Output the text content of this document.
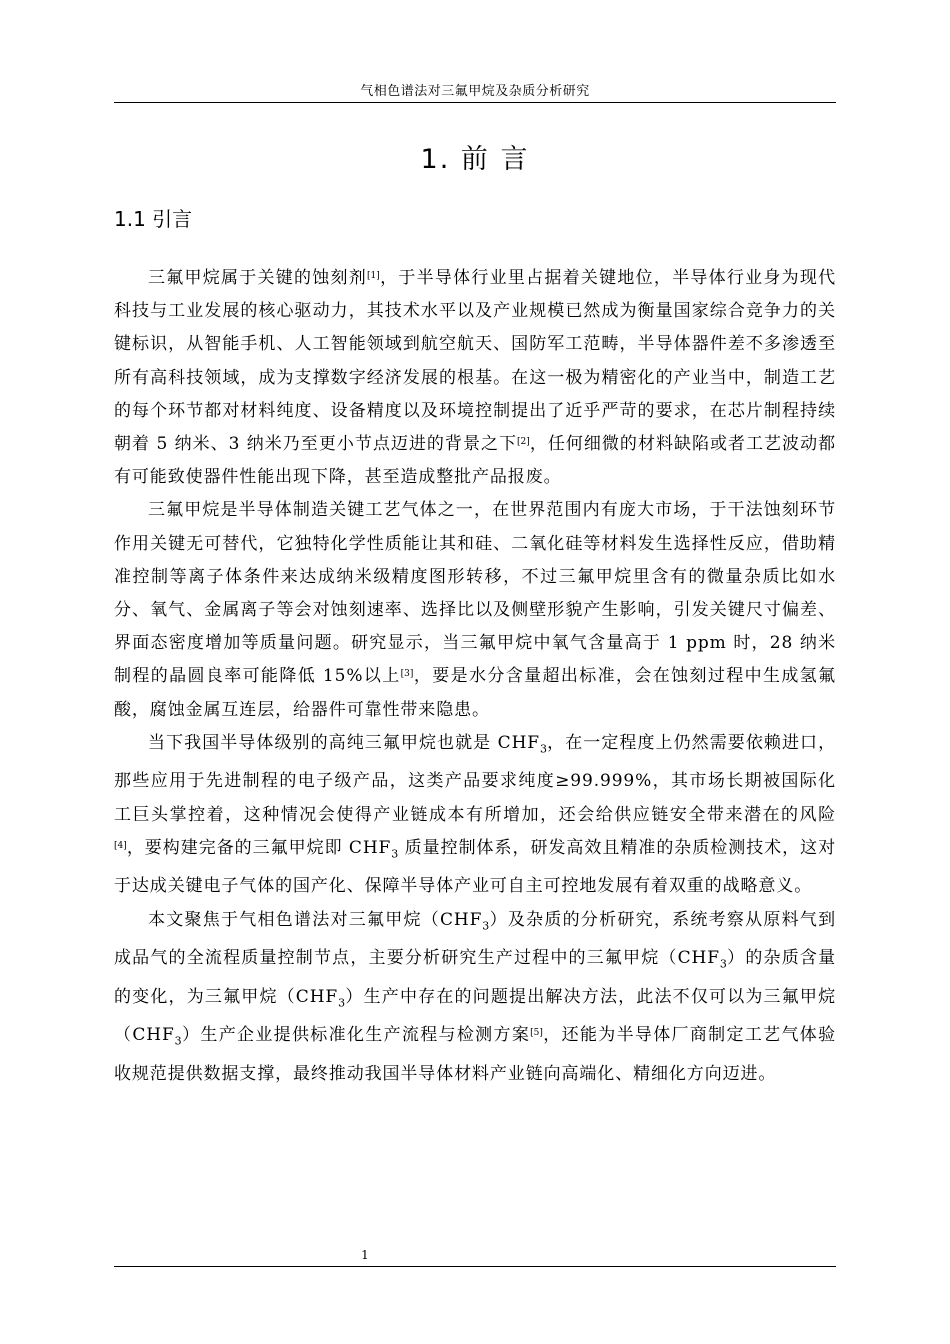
气相色谱法对三氟甲烷及杂质分析研究
1. 前 言
1.1 引言

三氟甲烷属于关键的蚀刻剂[1]，于半导体行业里占据着关键地位，半导体行业身为现代科技与工业发展的核心驱动力，其技术水平以及产业规模已然成为衡量国家综合竞争力的关键标识，从智能手机、人工智能领域到航空航天、国防军工范畴，半导体器件差不多渗透至所有高科技领域，成为支撑数字经济发展的根基。在这一极为精密化的产业当中，制造工艺的每个环节都对材料纯度、设备精度以及环境控制提出了近乎严苛的要求，在芯片制程持续朝着 5 纳米、3 纳米乃至更小节点迈进的背景之下[2]，任何细微的材料缺陷或者工艺波动都有可能致使器件性能出现下降，甚至造成整批产品报废。

三氟甲烷是半导体制造关键工艺气体之一，在世界范围内有庞大市场，于干法蚀刻环节作用关键无可替代，它独特化学性质能让其和硅、二氧化硅等材料发生选择性反应，借助精准控制等离子体条件来达成纳米级精度图形转移，不过三氟甲烷里含有的微量杂质比如水分、氧气、金属离子等会对蚀刻速率、选择比以及侧壁形貌产生影响，引发关键尺寸偏差、界面态密度增加等质量问题。研究显示，当三氟甲烷中氧气含量高于 1 ppm 时，28 纳米制程的晶圆良率可能降低 15%以上[3]，要是水分含量超出标准，会在蚀刻过程中生成氢氟酸，腐蚀金属互连层，给器件可靠性带来隐患。

当下我国半导体级别的高纯三氟甲烷也就是 $CHF_3$，在一定程度上仍然需要依赖进口，那些应用于先进制程的电子级产品，这类产品要求纯度≥99.999%，其市场长期被国际化工巨头掌控着，这种情况会使得产业链成本有所增加，还会给供应链安全带来潜在的风险[4]，要构建完备的三氟甲烷即 $CHF_3$ 质量控制体系，研发高效且精准的杂质检测技术，这对于达成关键电子气体的国产化、保障半导体产业可自主可控地发展有着双重的战略意义。

本文聚焦于气相色谱法对三氟甲烷$(CHF_3)$及杂质的分析研究，系统考察从原料气到成品气的全流程质量控制节点，主要分析研究生产过程中的三氟甲烷$(CHF_3)$的杂质含量的变化，为三氟甲烷$(CHF_3)$生产中存在的问题提出解决方法，此法不仅可以为三氟甲烷$(CHF_3)$生产企业提供标准化生产流程与检测方案[5]，还能为半导体厂商制定工艺气体验收规范提供数据支撑，最终推动我国半导体材料产业链向高端化、精细化方向迈进。

1
